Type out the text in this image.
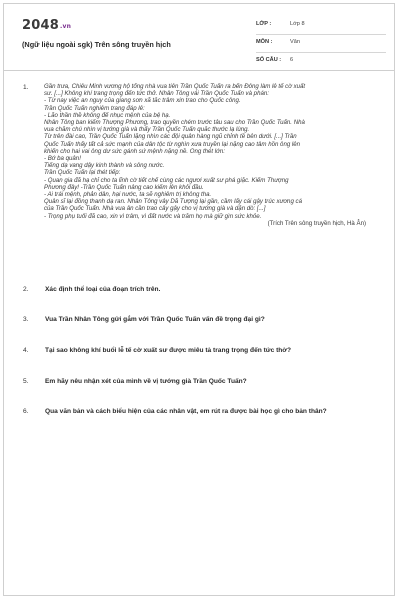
2048.vn
(Ngữ liệu ngoài sgk) Trên sông truyền hịch
LỚP :	Lớp 8
MÔN :	Văn
SỐ CÂU : 6
1.	Gần trưa, Chiêu Minh vương hộ tống nhà vua tiễn Trần Quốc Tuấn ra bến Đông làm lễ tế cờ xuất
sư. [...] Không khí trang trọng đến tức thở. Nhân Tông vái Trần Quốc Tuấn và phán:
- Từ nay việc an nguy của giang sơn xã tắc trẫm xin trao cho Quốc công.
Trần Quốc Tuấn nghiêm trang đáp lễ:
- Lão thần thề không để nhục mệnh của bệ hạ.
Nhân Tông ban kiếm Thượng Phương, trao quyền chém trước tâu sau cho Trần Quốc Tuấn. Nhà
vua chăm chú nhìn vị tướng già và thấy Trần Quốc Tuấn quắc thước lạ lùng.
Từ trên đài cao, Trần Quốc Tuấn lặng nhìn các đội quân hàng ngũ chỉnh tề bên dưới. [...] Trần
Quốc Tuấn thấy tất cả sức mạnh của dân tộc từ nghìn xưa truyền lại nặng cao tâm hồn ông lên
khiến cho hai vai ông dư sức gánh sứ mệnh nặng nề. Ông thét lớn:
- Bớ ba quân!
Tiếng dạ vang dậy kinh thành và sông nước.
Trần Quốc Tuấn lại thét tiếp:
- Quan gia đã hạ chỉ cho ta lĩnh cờ tiết chế cùng các ngươi xuất sư phá giặc. Kiếm Thượng
Phương đây! -Trần Quốc Tuấn nâng cao kiếm lên khỏi đầu.
- Ai trái mệnh, phản dân, hại nước, ta sẽ nghiêm trị không tha.
Quân sĩ lại đồng thanh dạ ran. Nhân Tông vẫy Dã Tượng lại gần, cầm lấy cái gậy trúc xương cá
của Trần Quốc Tuấn. Nhà vua ân cần trao cây gậy cho vị tướng già và dặn dò: [...]
- Trọng phụ tuổi đã cao, xin vì trẫm, vì đất nước và trăm họ mà giữ gìn sức khỏe.
(Trích Trên sông truyền hịch, Hà Ân)
2.	Xác định thể loại của đoạn trích trên.
3.	Vua Trần Nhân Tông gửi gắm với Trần Quốc Tuấn vấn đề trọng đại gì?
4.	Tại sao không khí buổi lễ tế cờ xuất sư được miêu tả trang trọng đến tức thở?
5.	Em hãy nêu nhận xét của mình về vị tướng già Trần Quốc Tuấn?
6.	Qua văn bản và cách biểu hiện của các nhân vật, em rút ra được bài học gì cho bản thân?
